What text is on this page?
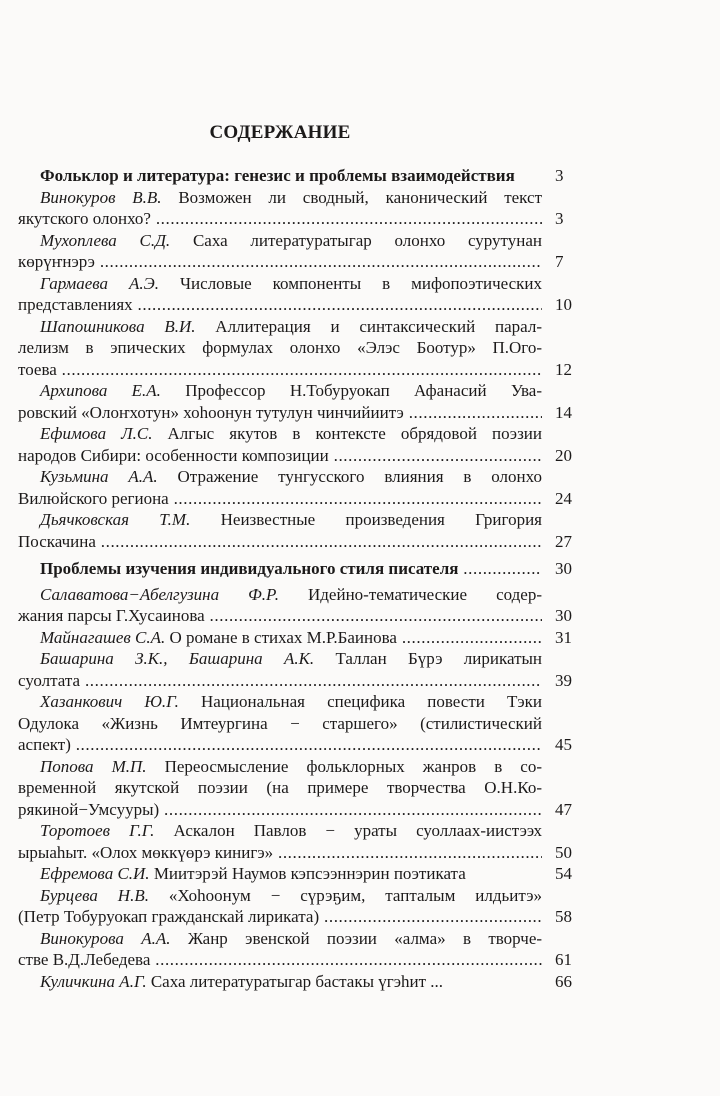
СОДЕРЖАНИЕ
Фольклор и литература: генезис и проблемы взаимодействия	3
Винокуров В.В. Возможен ли сводный, канонический текст
якутского олонхо? .....	3
Мухоплева С.Д. Саха литературатыгар олонхо сурутунан
көрүҥнэрэ .....	7
Гармаева А.Э. Числовые компоненты в мифопоэтических
представлениях .....	10
Шапошникова В.И. Аллитерация и синтаксический парал-
лелизм в эпических формулах олонхо «Элэс Боотур» П.Ого-
тоева .....	12
Архипова Е.А. Профессор Н.Тобуруокап Афанасий Ува-
ровский «Олоҥхотун» хоһоонун тутулун чинчийиитэ .....	14
Ефимова Л.С. Алгыс якутов в контексте обрядовой поэзии
народов Сибири: особенности композиции .....	20
Кузьмина А.А. Отражение тунгусского влияния в олонхо
Вилюйского региона .....	24
Дьячковская Т.М. Неизвестные произведения Григория
Поскачина .....	27
Проблемы изучения индивидуального стиля писателя .....	30
Салаватова−Абелгузина Ф.Р. Идейно-тематические содер-
жания парсы Г.Хусаинова .....	30
Майнагашев С.А. О романе в стихах М.Р.Баинова .....	31
Башарина З.К., Башарина А.К. Таллан Бүрэ лирикатын
суолтата .....	39
Хазанкович Ю.Г. Национальная специфика повести Тэки
Одулока «Жизнь Имтеургина − старшего» (стилистический
аспект) .....	45
Попова М.П. Переосмысление фольклорных жанров в со-
временной якутской поэзии (на примере творчества О.Н.Ко-
рякиной−Умсууры) .....	47
Торотоев Г.Г. Аскалон Павлов − ураты суоллаах-иистээх
ырыаһыт. «Олох мөккүөрэ кинигэ» .....	50
Ефремова С.И. Миитэрэй Наумов кэпсээннэрин поэтиката	54
Бурцева Н.В. «Хоһоонум − сүрэҕим, тапталым илдьитэ»
(Петр Тобуруокап гражданскай лириката) .....	58
Винокурова А.А. Жанр эвенской поэзии «алма» в творче-
стве В.Д.Лебедева .....	61
Куличкина А.Г. Саха литературатыгар бастакы үгэһит ...	66
